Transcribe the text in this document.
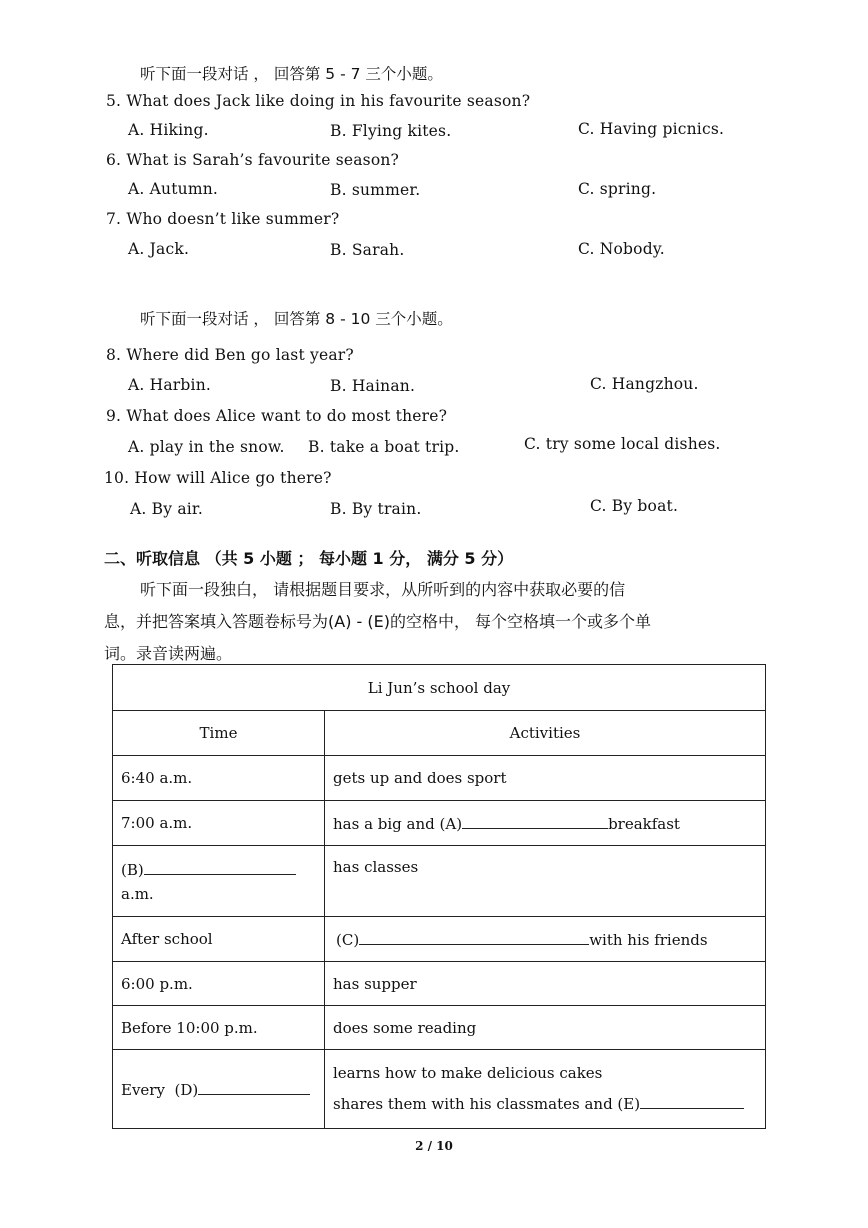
听下面一段对话 ， 回答第 5 - 7 三个小题。
5. What does Jack like doing in his favourite season?
A. Hiking.	B. Flying kites.	C. Having picnics.
6. What is Sarah’s favourite season?
A. Autumn.	B. summer.	C. spring.
7. Who doesn’t like summer?
A. Jack.	B. Sarah.	C. Nobody.
听下面一段对话 ， 回答第 8 - 10 三个小题。
8. Where did Ben go last year?
A. Harbin.	B. Hainan.	C. Hangzhou.
9. What does Alice want to do most there?
A. play in the snow. B. take a boat trip.	C. try some local dishes.
10. How will Alice go there?
A. By air.	B. By train.	C. By boat.
二、听取信息 （共 5 小题 ； 每小题 1 分， 满分 5 分）
听下面一段独白， 请根据题目要求，从所听到的内容中获取必要的信
息，并把答案填入答题卷标号为(A) - (E)的空格中， 每个空格填一个或多个单
词。录音读两遍。
Li Jun’s school day	
Time	Activities
6:40 a.m.	gets up and does sport
7:00 a.m.	has a big and (A) breakfast
(B)
a.m.	has classes
After school	(C) with his friends
6:00 p.m.	has supper
Before 10:00 p.m.	does some reading
Every  (D)	learns how to make delicious cakes
shares them with his classmates and (E)
2 / 10
